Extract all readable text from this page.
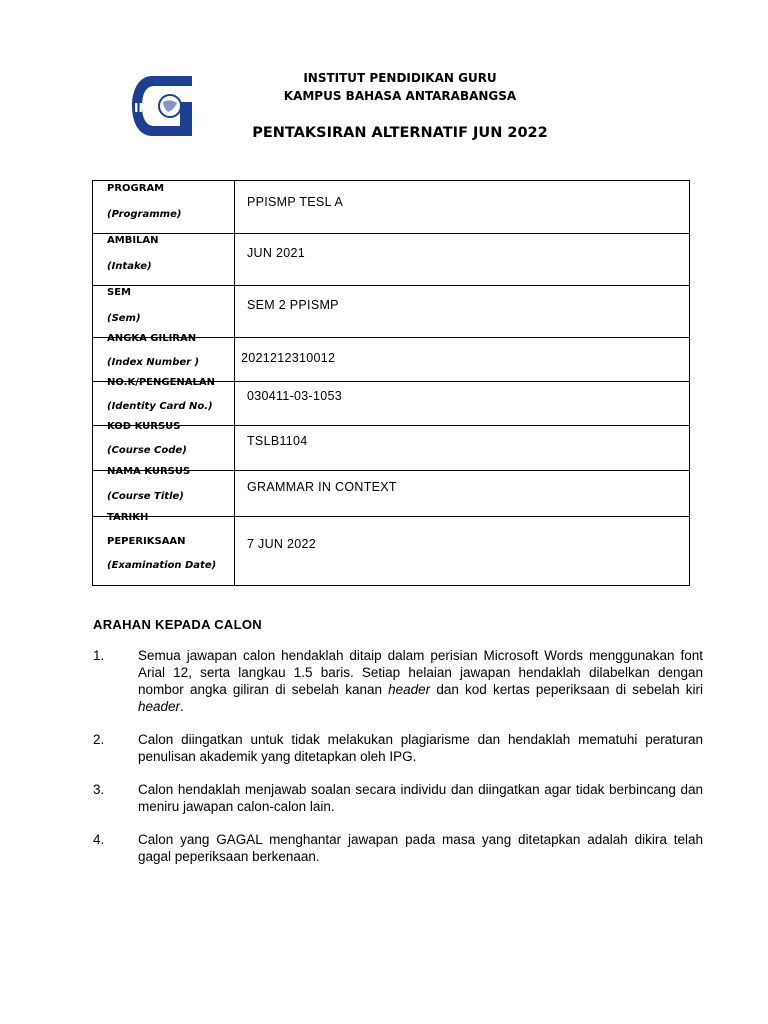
IPG
INSTITUT PENDIDIKAN GURU
KAMPUS BAHASA ANTARABANGSA
PENTAKSIRAN ALTERNATIF JUN 2022
PROGRAM
(Programme)
PPISMP TESL A
AMBILAN
(Intake)
JUN 2021
SEM
(Sem)
SEM 2 PPISMP
ANGKA GILIRAN
(Index Number )	2021212310012
NO.K/PENGENALAN
(Identity Card No.)
030411-03-1053
KOD KURSUS
(Course Code)
TSLB1104
NAMA KURSUS
(Course Title)
GRAMMAR IN CONTEXT
TARIKH
PEPERIKSAAN
(Examination Date)
7 JUN 2022
ARAHAN KEPADA CALON
1. Semua jawapan calon hendaklah ditaip dalam perisian Microsoft Words menggunakan font Arial 12, serta langkau 1.5 baris. Setiap helaian jawapan hendaklah dilabelkan dengan nombor angka giliran di sebelah kanan header dan kod kertas peperiksaan di sebelah kiri header.
2. Calon diingatkan untuk tidak melakukan plagiarisme dan hendaklah mematuhi peraturan penulisan akademik yang ditetapkan oleh IPG.
3. Calon hendaklah menjawab soalan secara individu dan diingatkan agar tidak berbincang dan meniru jawapan calon-calon lain.
4. Calon yang GAGAL menghantar jawapan pada masa yang ditetapkan adalah dikira telah gagal peperiksaan berkenaan.
